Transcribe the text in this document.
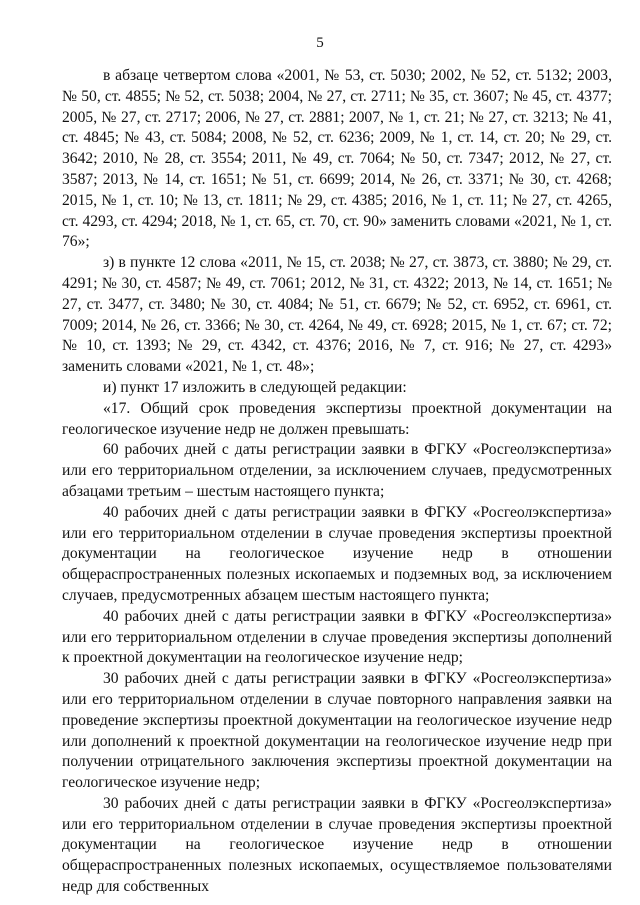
5

в абзаце четвертом слова «2001, № 53, ст. 5030; 2002, № 52, ст. 5132; 2003, № 50, ст. 4855; № 52, ст. 5038; 2004, № 27, ст. 2711; № 35, ст. 3607; № 45, ст. 4377; 2005, № 27, ст. 2717; 2006, № 27, ст. 2881; 2007, № 1, ст. 21; № 27, ст. 3213; № 41, ст. 4845; № 43, ст. 5084; 2008, № 52, ст. 6236; 2009, № 1, ст. 14, ст. 20; № 29, ст. 3642; 2010, № 28, ст. 3554; 2011, № 49, ст. 7064; № 50, ст. 7347; 2012, № 27, ст. 3587; 2013, № 14, ст. 1651; № 51, ст. 6699; 2014, № 26, ст. 3371; № 30, ст. 4268; 2015, № 1, ст. 10; № 13, ст. 1811; № 29, ст. 4385; 2016, № 1, ст. 11; № 27, ст. 4265, ст. 4293, ст. 4294; 2018, № 1, ст. 65, ст. 70, ст. 90» заменить словами «2021, № 1, ст. 76»;

з) в пункте 12 слова «2011, № 15, ст. 2038; № 27, ст. 3873, ст. 3880; № 29, ст. 4291; № 30, ст. 4587; № 49, ст. 7061; 2012, № 31, ст. 4322; 2013, № 14, ст. 1651; № 27, ст. 3477, ст. 3480; № 30, ст. 4084; № 51, ст. 6679; № 52, ст. 6952, ст. 6961, ст. 7009; 2014, № 26, ст. 3366; № 30, ст. 4264, № 49, ст. 6928; 2015, № 1, ст. 67; ст. 72; № 10, ст. 1393; № 29, ст. 4342, ст. 4376; 2016, № 7, ст. 916; № 27, ст. 4293» заменить словами «2021, № 1, ст. 48»;

и) пункт 17 изложить в следующей редакции:

«17. Общий срок проведения экспертизы проектной документации на геологическое изучение недр не должен превышать:

60 рабочих дней с даты регистрации заявки в ФГКУ «Росгеолэкспертиза» или его территориальном отделении, за исключением случаев, предусмотренных абзацами третьим – шестым настоящего пункта;

40 рабочих дней с даты регистрации заявки в ФГКУ «Росгеолэкспертиза» или его территориальном отделении в случае проведения экспертизы проектной документации на геологическое изучение недр в отношении общераспространенных полезных ископаемых и подземных вод, за исключением случаев, предусмотренных абзацем шестым настоящего пункта;

40 рабочих дней с даты регистрации заявки в ФГКУ «Росгеолэкспертиза» или его территориальном отделении в случае проведения экспертизы дополнений к проектной документации на геологическое изучение недр;

30 рабочих дней с даты регистрации заявки в ФГКУ «Росгеолэкспертиза» или его территориальном отделении в случае повторного направления заявки на проведение экспертизы проектной документации на геологическое изучение недр или дополнений к проектной документации на геологическое изучение недр при получении отрицательного заключения экспертизы проектной документации на геологическое изучение недр;

30 рабочих дней с даты регистрации заявки в ФГКУ «Росгеолэкспертиза» или его территориальном отделении в случае проведения экспертизы проектной документации на геологическое изучение недр в отношении общераспространенных полезных ископаемых, осуществляемое пользователями недр для собственных
